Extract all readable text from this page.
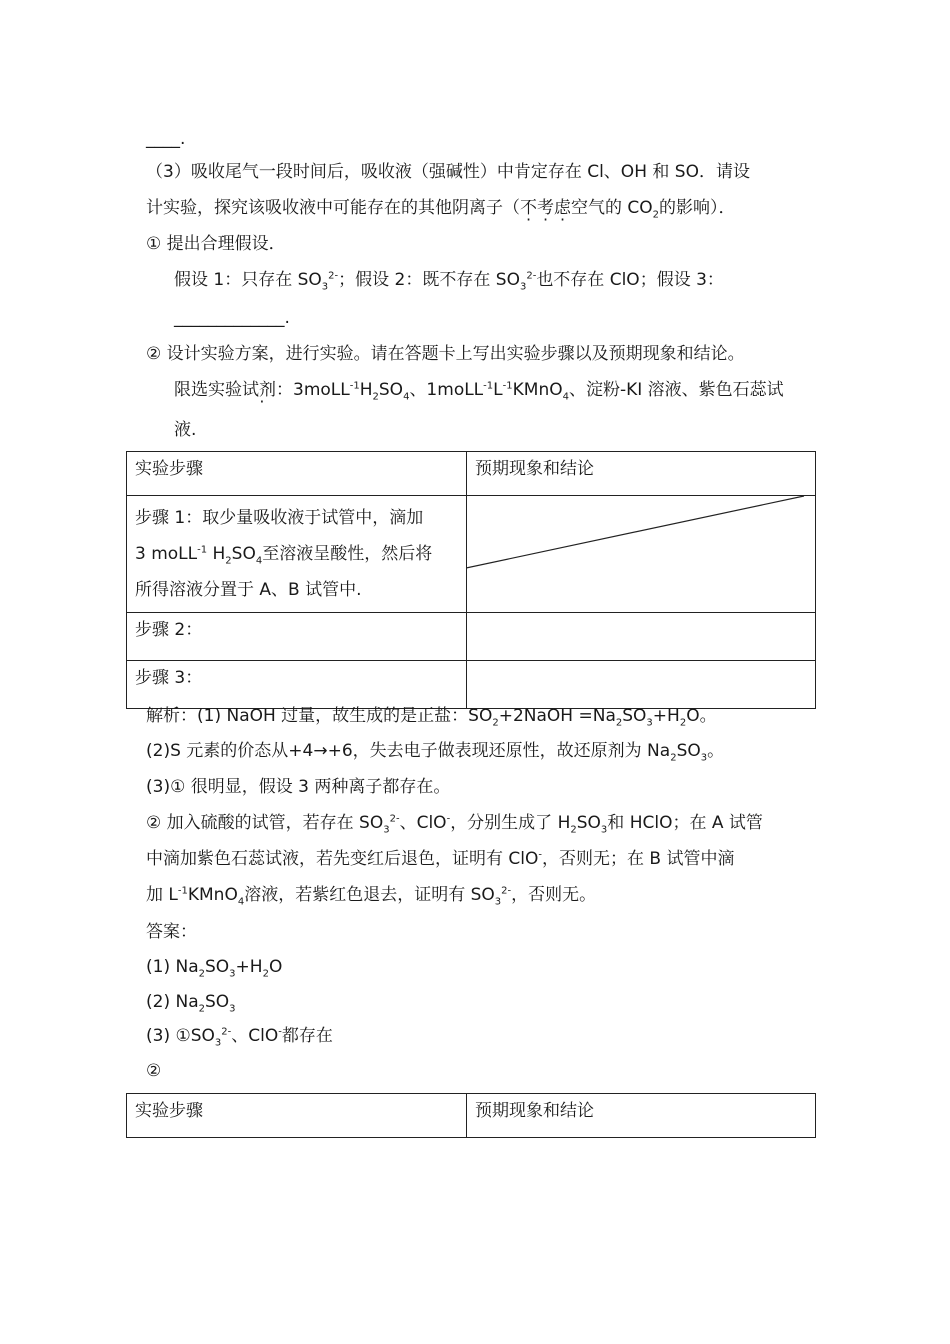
____.
（3）吸收尾气一段时间后，吸收液（强碱性）中肯定存在 Cl、OH 和 SO．请设
计实验，探究该吸收液中可能存在的其他阴离子（不考虑空气的 $CO_2$的影响）．
① 提出合理假设．
假设 1：只存在 $SO_3^{2-}$；假设 2：既不存在 $SO_3^{2-}$也不存在 ClO；假设 3：
_____________.
② 设计实验方案，进行实验。请在答题卡上写出实验步骤以及预期现象和结论。
限选实验试剂：3moLL $\cdot^{-1}H_2SO_4$、$1moLL^{-1}L^{-1}KMnO_4$、淀粉-KI 溶液、紫色石蕊试
液.
实验步骤	预期现象和结论

步骤 1：取少量吸收液于试管中，滴加
3 moLL$^{-1}$ $H_2SO_4$至溶液呈酸性，然后将
所得溶液分置于 A、B 试管中.	

步骤 2：	
步骤 3：	
解析：(1) NaOH 过量，故生成的是正盐：$SO_2+2NaOH =Na_2SO_3+H_2O$。
(2)S 元素的价态从+4→+6，失去电子做表现还原性，故还原剂为 $Na_2SO_3$。
(3)① 很明显，假设 3 两种离子都存在。
② 加入硫酸的试管，若存在 $SO_3^{2-}$、ClO-，分别生成了 $H_2SO_3$和 HClO；在 A 试管
中滴加紫色石蕊试液，若先变红后退色，证明有 ClO-，否则无；在 B 试管中滴
加 $L^{-1}KMnO_4$溶液，若紫红色退去，证明有 $SO_3^{2-}$，否则无。
答案：
(1) $Na_2SO_3+H_2O$
(2) $Na_2SO_3$
(3) $①SO_3^{2-}$、ClO-都存在
②
实验步骤	预期现象和结论
